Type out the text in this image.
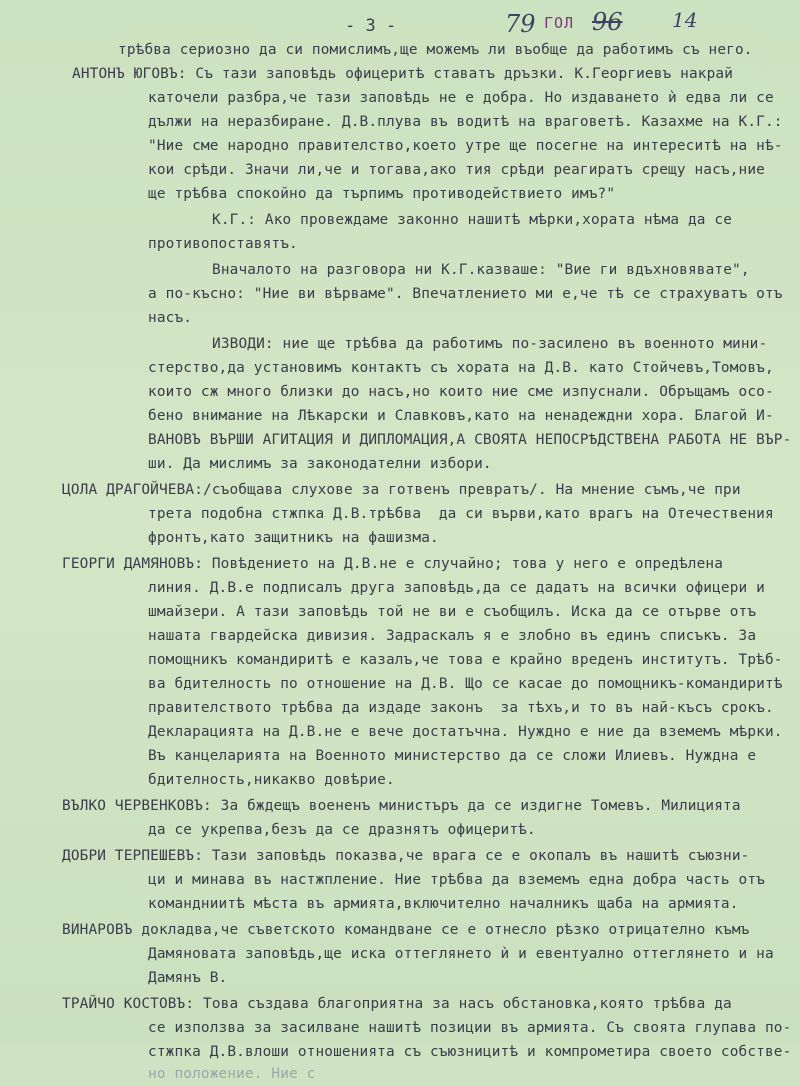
- 3 -	79 ГОЛ 96 14
трѣбва сериозно да си помислимъ,ще можемъ ли въобще да работимъ съ него.
АНТОНЪ ЮГОВЪ: Съ тази заповѣдь офицеритѣ ставатъ дръзки. К.Георгиевъ накрай
каточели разбра,че тази заповѣдь не е добра. Но издаването ѝ едва ли се
дължи на неразбиране. Д.В.плува въ водитѣ на враговетѣ. Казахме на К.Г.:
"Ние сме народно правителство,което утре ще посегне на интереситѣ на нѣ-
кои срѣди. Значи ли,че и тогава,ако тия срѣди реагиратъ срещу насъ,ние
ще трѣбва спокойно да търпимъ противодействието имъ?"
К.Г.: Ако провеждаме законно нашитѣ мѣрки,хората нѣма да се
противопоставятъ.
Вначалото на разговора ни К.Г.казваше: "Вие ги вдъхновявате",
а по-късно: "Ние ви вѣрваме". Впечатлението ми е,че тѣ се страхуватъ отъ
насъ.
ИЗВОДИ: ние ще трѣбва да работимъ по-засилено въ военното мини-
стерство,да установимъ контактъ съ хората на Д.В. като Стойчевъ,Томовъ,
които сж много близки до насъ,но които ние сме изпуснали. Обръщамъ осо-
бено внимание на Лѣкарски и Славковъ,като на ненадеждни хора. Благой И-
ВАНОВЪ ВЪРШИ АГИТАЦИЯ И ДИПЛОМАЦИЯ,А СВОЯТА НЕПОСРѢДСТВЕНА РАБОТА НЕ ВЪР-
ши. Да мислимъ за законодателни избори.
ЦОЛА ДРАГОЙЧЕВА:/съобщава слухове за готвенъ превратъ/. На мнение съмъ,че при
трета подобна стжпка Д.В.трѣбва  да си върви,като врагъ на Отечествения
фронтъ,като защитникъ на фашизма.
ГЕОРГИ ДАМЯНОВЪ: Повѣдението на Д.В.не е случайно; това у него е опредѣлена
линия. Д.В.е подписалъ друга заповѣдь,да се дадатъ на всички офицери и
шмайзери. А тази заповѣдь той не ви е съобщилъ. Иска да се отърве отъ
нашата гвардейска дивизия. Задраскалъ я е злобно въ единъ списъкъ. За
помощникъ командиритѣ е казалъ,че това е крайно вреденъ институтъ. Трѣб-
ва бдителность по отношение на Д.В. Що се касае до помощникъ-командиритѣ
правителството трѣбва да издаде законъ  за тѣхъ,и то въ най-късъ срокъ.
Декларацията на Д.В.не е вече достатъчна. Нуждно е ние да вземемъ мѣрки.
Въ канцеларията на Военното министерство да се сложи Илиевъ. Нуждна е
бдителность,никакво довѣрие.
ВЪЛКО ЧЕРВЕНКОВЪ: За бждещъ воененъ министъръ да се издигне Томевъ. Милицията
да се укрепва,безъ да се дразнятъ офицеритѣ.
ДОБРИ ТЕРПЕШЕВЪ: Тази заповѣдь показва,че врага се е окопалъ въ нашитѣ съюзни-
ци и минава въ настжпление. Ние трѣбва да вземемъ една добра часть отъ
командниитѣ мѣста въ армията,включително началникъ щаба на армията.
ВИНАРОВЪ докладва,че съветското командване се е отнесло рѣзко отрицателно къмъ
Дамяновата заповѣдь,ще иска оттеглянето ѝ и евентуално оттеглянето и на
Дамянъ В.
ТРАЙЧО КОСТОВЪ: Това създава благоприятна за насъ обстановка,която трѣбва да
се използва за засилване нашитѣ позиции въ армията. Съ своята глупава по-
стжпка Д.В.влоши отношенията съ съюзницитѣ и компрометира своето собстве-
но положение. Ние с
